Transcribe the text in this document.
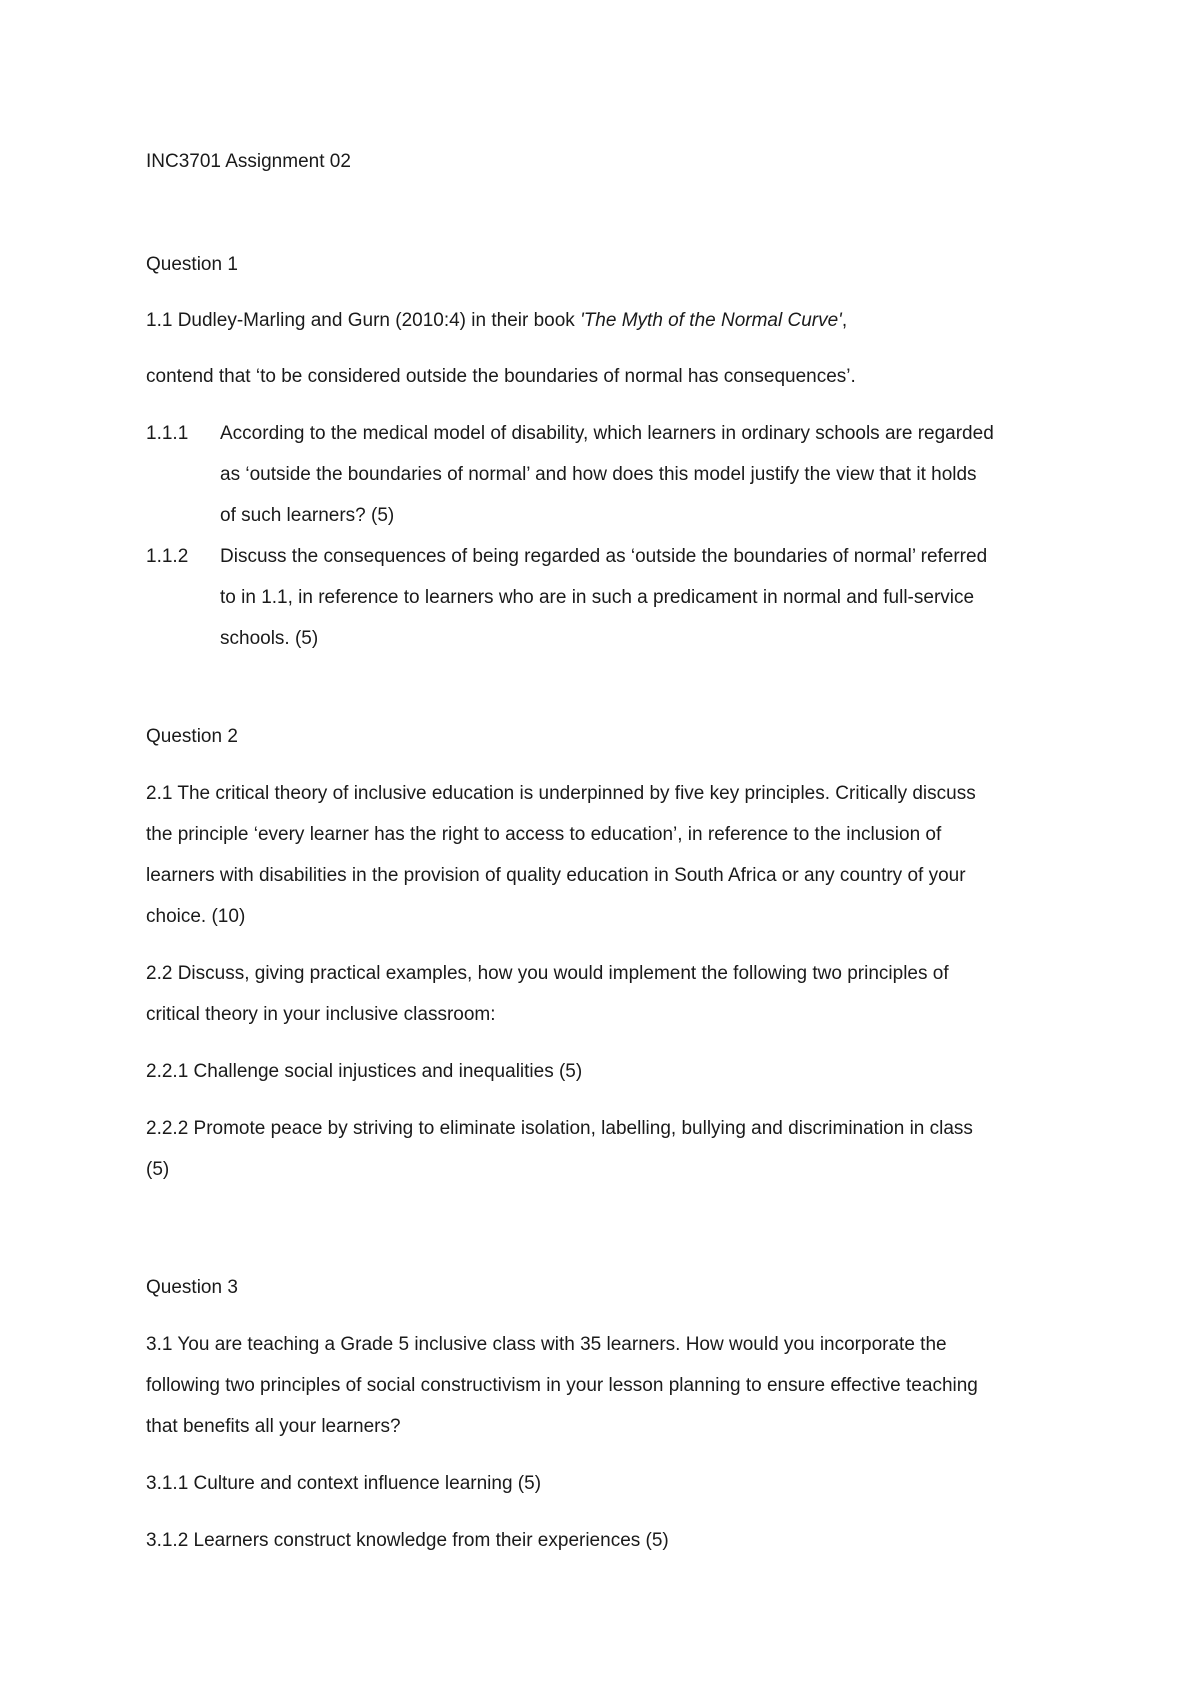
INC3701 Assignment 02
Question 1
1.1 Dudley-Marling and Gurn (2010:4) in their book 'The Myth of the Normal Curve',
contend that ‘to be considered outside the boundaries of normal has consequences’.
1.1.1 According to the medical model of disability, which learners in ordinary schools are regarded
as ‘outside the boundaries of normal’ and how does this model justify the view that it holds
of such learners? (5)
1.1.2 Discuss the consequences of being regarded as ‘outside the boundaries of normal’ referred
to in 1.1, in reference to learners who are in such a predicament in normal and full-service
schools. (5)
Question 2
2.1 The critical theory of inclusive education is underpinned by five key principles. Critically discuss
the principle ‘every learner has the right to access to education’, in reference to the inclusion of
learners with disabilities in the provision of quality education in South Africa or any country of your
choice. (10)
2.2 Discuss, giving practical examples, how you would implement the following two principles of
critical theory in your inclusive classroom:
2.2.1 Challenge social injustices and inequalities (5)
2.2.2 Promote peace by striving to eliminate isolation, labelling, bullying and discrimination in class
(5)
Question 3
3.1 You are teaching a Grade 5 inclusive class with 35 learners. How would you incorporate the
following two principles of social constructivism in your lesson planning to ensure effective teaching
that benefits all your learners?
3.1.1 Culture and context influence learning (5)
3.1.2 Learners construct knowledge from their experiences (5)
